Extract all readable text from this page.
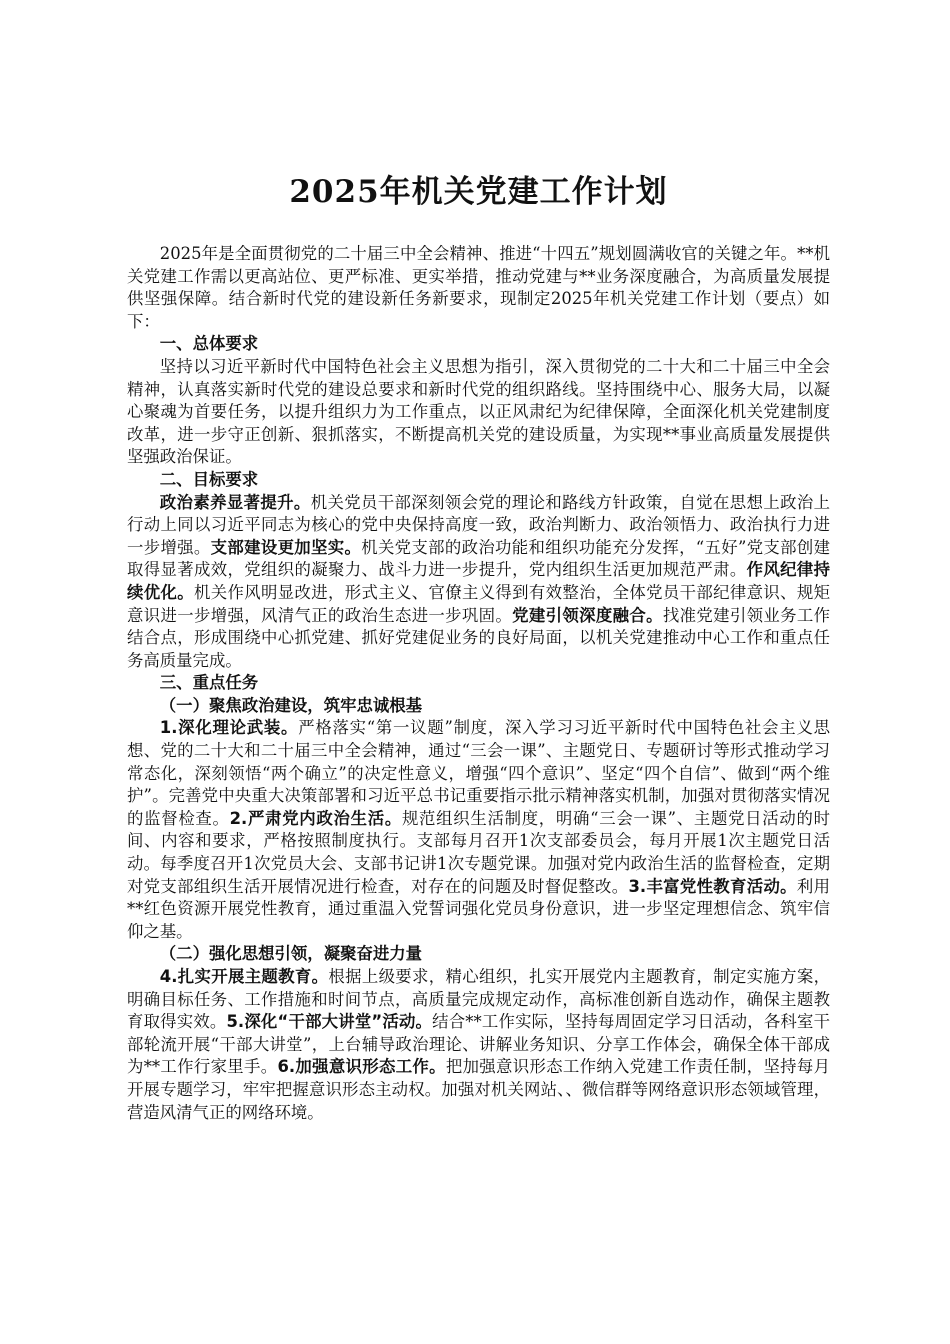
2025年机关党建工作计划

2025年是全面贯彻党的二十届三中全会精神、推进“十四五”规划圆满收官的关键之年。**机关党建工作需以更高站位、更严标准、更实举措，推动党建与**业务深度融合，为高质量发展提供坚强保障。结合新时代党的建设新任务新要求，现制定2025年机关党建工作计划（要点）如下：

一、总体要求

坚持以习近平新时代中国特色社会主义思想为指引，深入贯彻党的二十大和二十届三中全会精神，认真落实新时代党的建设总要求和新时代党的组织路线。坚持围绕中心、服务大局，以凝心聚魂为首要任务，以提升组织力为工作重点，以正风肃纪为纪律保障，全面深化机关党建制度改革，进一步守正创新、狠抓落实，不断提高机关党的建设质量，为实现**事业高质量发展提供坚强政治保证。

二、目标要求

政治素养显著提升。机关党员干部深刻领会党的理论和路线方针政策，自觉在思想上政治上行动上同以习近平同志为核心的党中央保持高度一致，政治判断力、政治领悟力、政治执行力进一步增强。支部建设更加坚实。机关党支部的政治功能和组织功能充分发挥，“五好”党支部创建取得显著成效，党组织的凝聚力、战斗力进一步提升，党内组织生活更加规范严肃。作风纪律持续优化。机关作风明显改进，形式主义、官僚主义得到有效整治，全体党员干部纪律意识、规矩意识进一步增强，风清气正的政治生态进一步巩固。党建引领深度融合。找准党建引领业务工作结合点，形成围绕中心抓党建、抓好党建促业务的良好局面，以机关党建推动中心工作和重点任务高质量完成。

三、重点任务

（一）聚焦政治建设，筑牢忠诚根基

1.深化理论武装。严格落实“第一议题”制度，深入学习习近平新时代中国特色社会主义思想、党的二十大和二十届三中全会精神，通过“三会一课”、主题党日、专题研讨等形式推动学习常态化，深刻领悟“两个确立”的决定性意义，增强“四个意识”、坚定“四个自信”、做到“两个维护”。完善党中央重大决策部署和习近平总书记重要指示批示精神落实机制，加强对贯彻落实情况的监督检查。2.严肃党内政治生活。规范组织生活制度，明确“三会一课”、主题党日活动的时间、内容和要求，严格按照制度执行。支部每月召开1次支部委员会，每月开展1次主题党日活动。每季度召开1次党员大会、支部书记讲1次专题党课。加强对党内政治生活的监督检查，定期对党支部组织生活开展情况进行检查，对存在的问题及时督促整改。3.丰富党性教育活动。利用**红色资源开展党性教育，通过重温入党誓词强化党员身份意识，进一步坚定理想信念、筑牢信仰之基。

（二）强化思想引领，凝聚奋进力量

4.扎实开展主题教育。根据上级要求，精心组织，扎实开展党内主题教育，制定实施方案，明确目标任务、工作措施和时间节点，高质量完成规定动作，高标准创新自选动作，确保主题教育取得实效。5.深化“干部大讲堂”活动。结合**工作实际，坚持每周固定学习日活动，各科室干部轮流开展“干部大讲堂”，上台辅导政治理论、讲解业务知识、分享工作体会，确保全体干部成为**工作行家里手。6.加强意识形态工作。把加强意识形态工作纳入党建工作责任制，坚持每月开展专题学习，牢牢把握意识形态主动权。加强对机关网站、、微信群等网络意识形态领域管理，营造风清气正的网络环境。
